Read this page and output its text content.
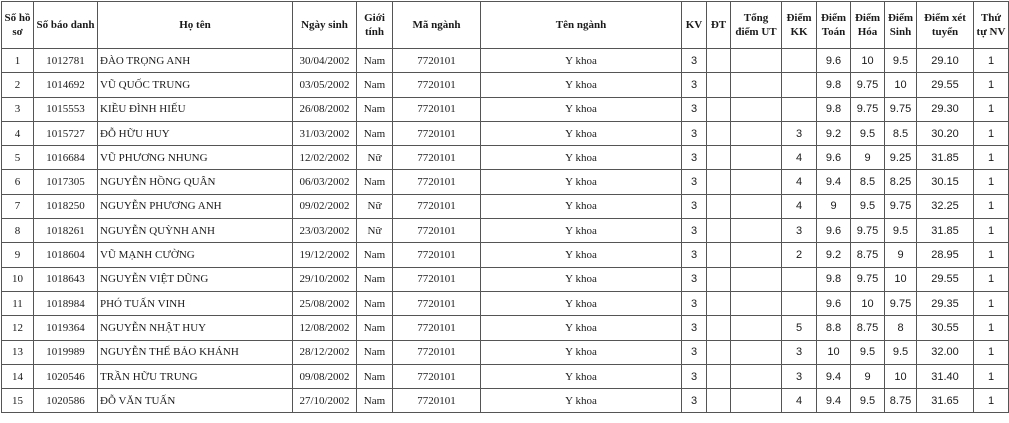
Số hồ sơ	Số báo danh	Họ tên	Ngày sinh	Giới tính	Mã ngành	Tên ngành	KV	ĐT	Tổng điểm UT	Điểm KK	Điểm Toán	Điểm Hóa	Điểm Sinh	Điểm xét tuyển	Thứ tự NV
1	1012781	ĐÀO TRỌNG ANH	30/04/2002	Nam	7720101	Y khoa	3				9.6	10	9.5	29.10	1
2	1014692	VŨ QUỐC TRUNG	03/05/2002	Nam	7720101	Y khoa	3				9.8	9.75	10	29.55	1
3	1015553	KIỀU ĐÌNH HIẾU	26/08/2002	Nam	7720101	Y khoa	3				9.8	9.75	9.75	29.30	1
4	1015727	ĐỖ HỮU HUY	31/03/2002	Nam	7720101	Y khoa	3			3	9.2	9.5	8.5	30.20	1
5	1016684	VŨ PHƯƠNG NHUNG	12/02/2002	Nữ	7720101	Y khoa	3			4	9.6	9	9.25	31.85	1
6	1017305	NGUYỄN HỒNG QUÂN	06/03/2002	Nam	7720101	Y khoa	3			4	9.4	8.5	8.25	30.15	1
7	1018250	NGUYỄN PHƯƠNG ANH	09/02/2002	Nữ	7720101	Y khoa	3			4	9	9.5	9.75	32.25	1
8	1018261	NGUYỄN QUỲNH ANH	23/03/2002	Nữ	7720101	Y khoa	3			3	9.6	9.75	9.5	31.85	1
9	1018604	VŨ MẠNH CƯỜNG	19/12/2002	Nam	7720101	Y khoa	3			2	9.2	8.75	9	28.95	1
10	1018643	NGUYỄN VIỆT DŨNG	29/10/2002	Nam	7720101	Y khoa	3				9.8	9.75	10	29.55	1
11	1018984	PHÓ TUẤN VINH	25/08/2002	Nam	7720101	Y khoa	3				9.6	10	9.75	29.35	1
12	1019364	NGUYỄN NHẬT HUY	12/08/2002	Nam	7720101	Y khoa	3			5	8.8	8.75	8	30.55	1
13	1019989	NGUYỄN THẾ BẢO KHÁNH	28/12/2002	Nam	7720101	Y khoa	3			3	10	9.5	9.5	32.00	1
14	1020546	TRẦN HỮU TRUNG	09/08/2002	Nam	7720101	Y khoa	3			3	9.4	9	10	31.40	1
15	1020586	ĐỖ VĂN TUẤN	27/10/2002	Nam	7720101	Y khoa	3			4	9.4	9.5	8.75	31.65	1
